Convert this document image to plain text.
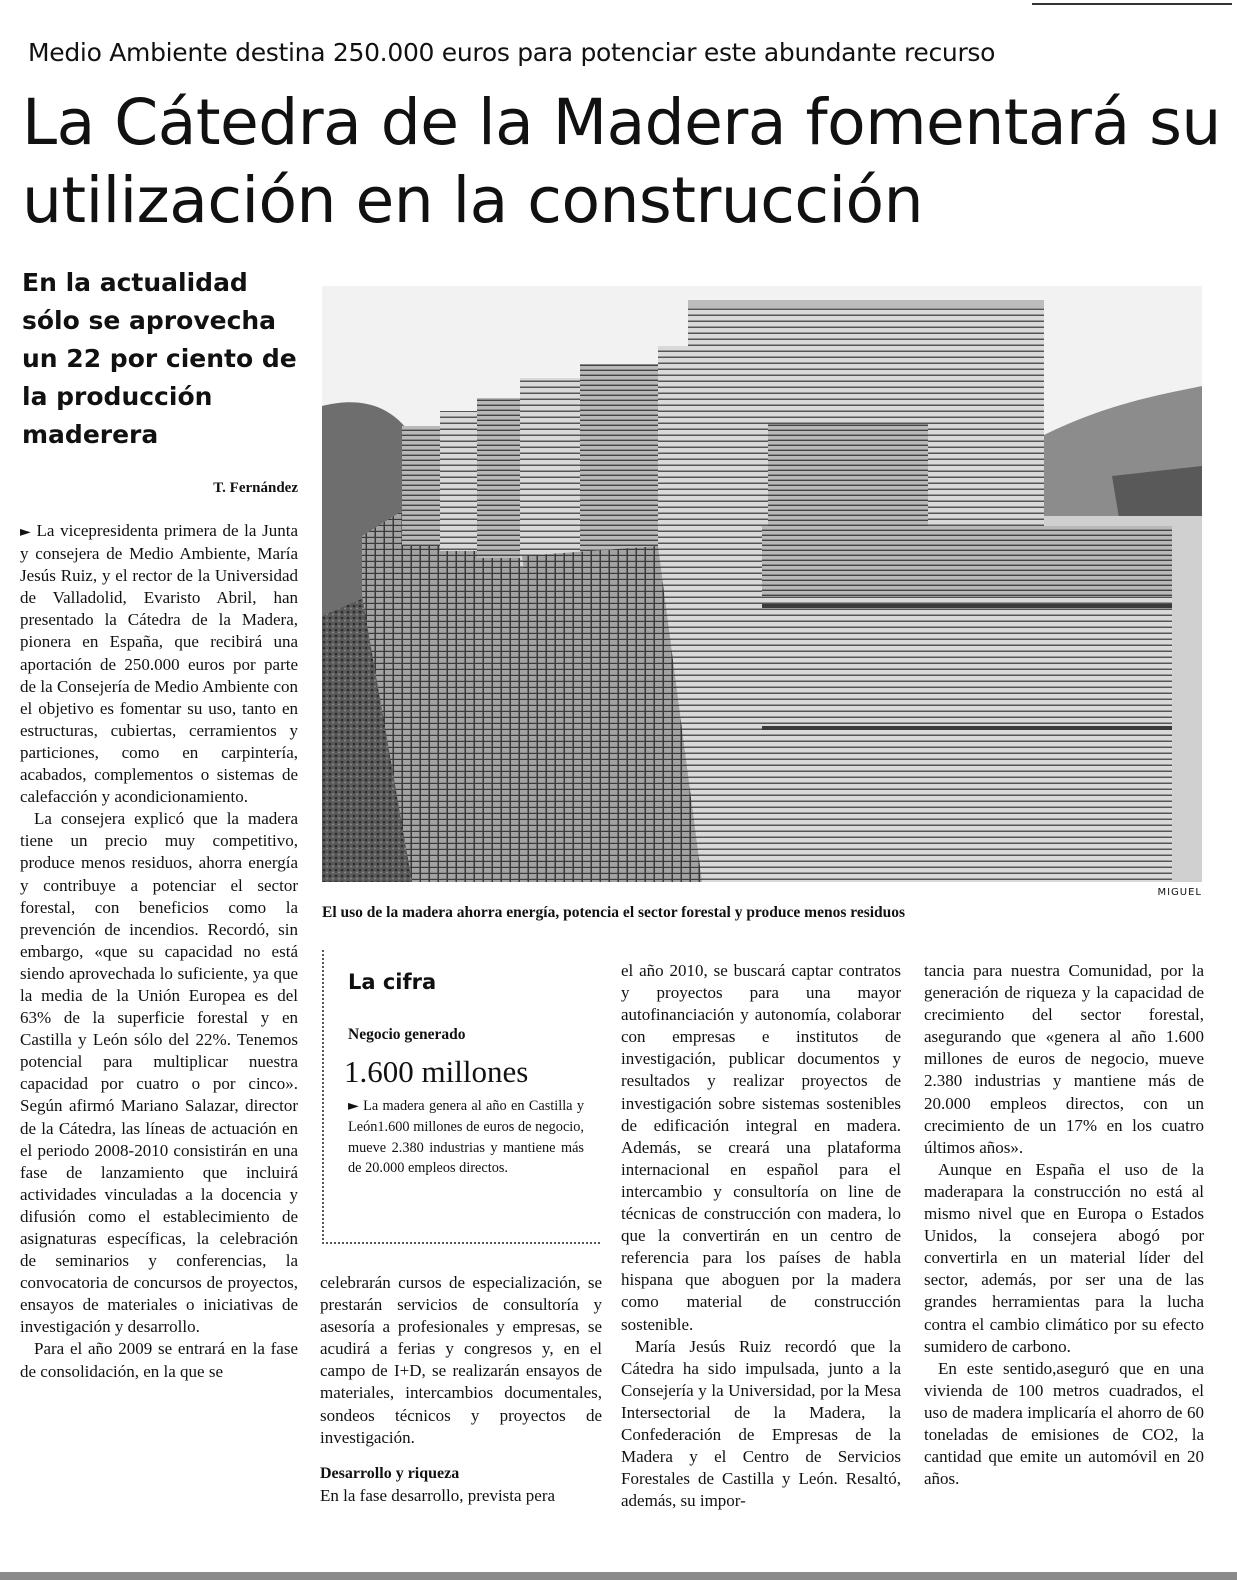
Medio Ambiente destina 250.000 euros para potenciar este abundante recurso
La Cátedra de la Madera fomentará su utilización en la construcción
En la actualidad sólo se aprovecha un 22 por ciento de la producción maderera
T. Fernández

► La vicepresidenta primera de la Junta y consejera de Medio Ambiente, María Jesús Ruiz, y el rector de la Universidad de Valladolid, Evaristo Abril, han presentado la Cátedra de la Madera, pionera en España, que recibirá una aportación de 250.000 euros por parte de la Consejería de Medio Ambiente con el objetivo es fomentar su uso, tanto en estructuras, cubiertas, cerramientos y particiones, como en carpintería, acabados, complementos o sistemas de calefacción y acondicionamiento.

La consejera explicó que la madera tiene un precio muy competitivo, produce menos residuos, ahorra energía y contribuye a potenciar el sector forestal, con beneficios como la prevención de incendios. Recordó, sin embargo, «que su capacidad no está siendo aprovechada lo suficiente, ya que la media de la Unión Europea es del 63% de la superficie forestal y en Castilla y León sólo del 22%. Tenemos potencial para multiplicar nuestra capacidad por cuatro o por cinco». Según afirmó Mariano Salazar, director de la Cátedra, las líneas de actuación en el periodo 2008-2010 consistirán en una fase de lanzamiento que incluirá actividades vinculadas a la docencia y difusión como el establecimiento de asignaturas específicas, la celebración de seminarios y conferencias, la convocatoria de concursos de proyectos, ensayos de materiales o iniciativas de investigación y desarrollo.

Para el año 2009 se entrará en la fase de consolidación, en la que se

MIGUEL
El uso de la madera ahorra energía, potencia el sector forestal y produce menos residuos
La cifra
Negocio generado
1.600 millones
► La madera genera al año en Castilla y León1.600 millones de euros de negocio, mueve 2.380 industrias y mantiene más de 20.000 empleos directos.

celebrarán cursos de especialización, se prestarán servicios de consultoría y asesoría a profesionales y empresas, se acudirá a ferias y congresos y, en el campo de I+D, se realizarán ensayos de materiales, intercambios documentales, sondeos técnicos y proyectos de investigación.

Desarrollo y riqueza

En la fase desarrollo, prevista pera

el año 2010, se buscará captar contratos y proyectos para una mayor autofinanciación y autonomía, colaborar con empresas e institutos de investigación, publicar documentos y resultados y realizar proyectos de investigación sobre sistemas sostenibles de edificación integral en madera. Además, se creará una plataforma internacional en español para el intercambio y consultoría on line de técnicas de construcción con madera, lo que la convertirán en un centro de referencia para los países de habla hispana que aboguen por la madera como material de construcción sostenible.

María Jesús Ruiz recordó que la Cátedra ha sido impulsada, junto a la Consejería y la Universidad, por la Mesa Intersectorial de la Madera, la Confederación de Empresas de la Madera y el Centro de Servicios Forestales de Castilla y León. Resaltó, además, su impor-

tancia para nuestra Comunidad, por la generación de riqueza y la capacidad de crecimiento del sector forestal, asegurando que «genera al año 1.600 millones de euros de negocio, mueve 2.380 industrias y mantiene más de 20.000 empleos directos, con un crecimiento de un 17% en los cuatro últimos años».

Aunque en España el uso de la maderapara la construcción no está al mismo nivel que en Europa o Estados Unidos, la consejera abogó por convertirla en un material líder del sector, además, por ser una de las grandes herramientas para la lucha contra el cambio climático por su efecto sumidero de carbono.

En este sentido,aseguró que en una vivienda de 100 metros cuadrados, el uso de madera implicaría el ahorro de 60 toneladas de emisiones de CO2, la cantidad que emite un automóvil en 20 años.
